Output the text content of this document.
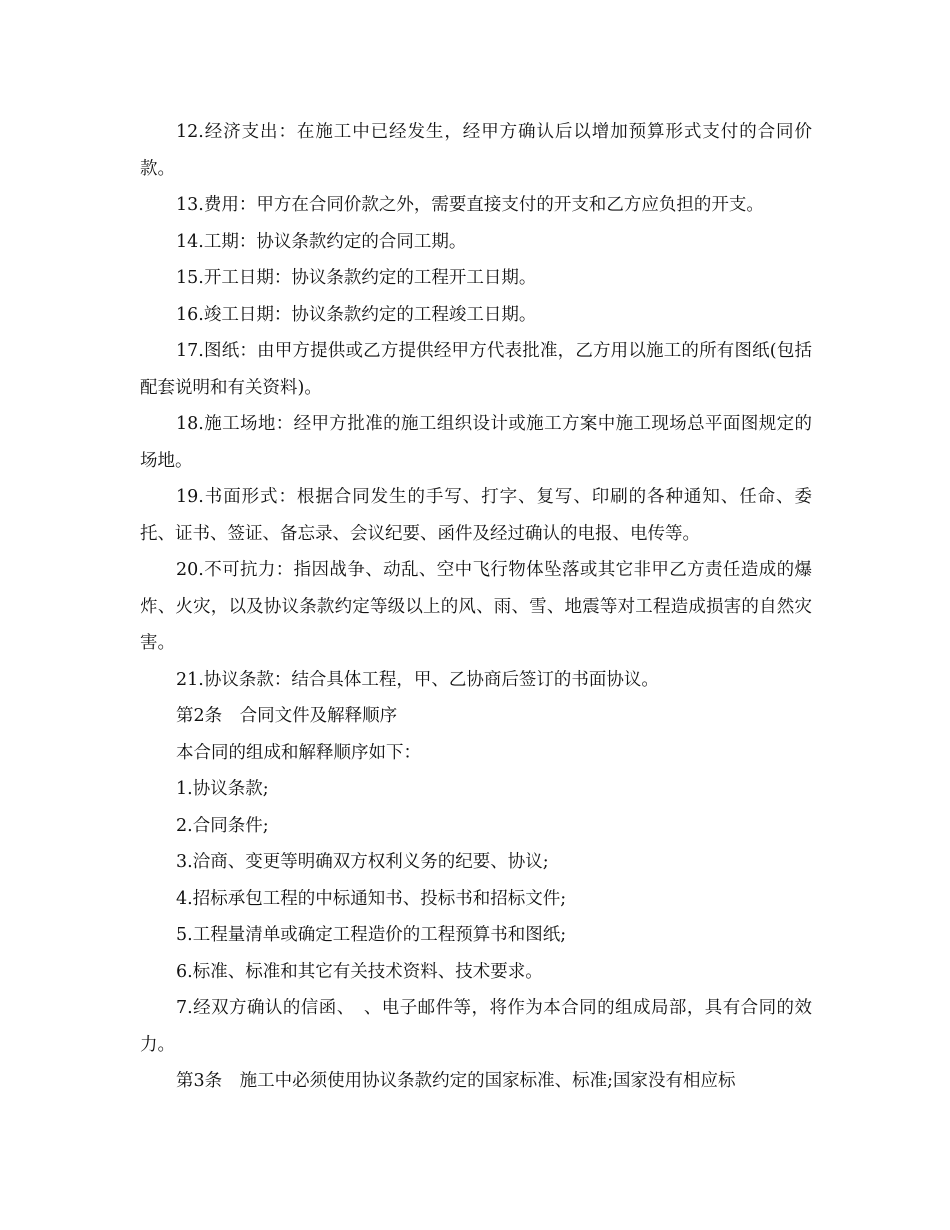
12.经济支出：在施工中已经发生，经甲方确认后以增加预算形式支付的合同价款。

13.费用：甲方在合同价款之外，需要直接支付的开支和乙方应负担的开支。

14.工期：协议条款约定的合同工期。

15.开工日期：协议条款约定的工程开工日期。

16.竣工日期：协议条款约定的工程竣工日期。

17.图纸：由甲方提供或乙方提供经甲方代表批准，乙方用以施工的所有图纸(包括配套说明和有关资料)。

18.施工场地：经甲方批准的施工组织设计或施工方案中施工现场总平面图规定的场地。

19.书面形式：根据合同发生的手写、打字、复写、印刷的各种通知、任命、委托、证书、签证、备忘录、会议纪要、函件及经过确认的电报、电传等。

20.不可抗力：指因战争、动乱、空中飞行物体坠落或其它非甲乙方责任造成的爆炸、火灾，以及协议条款约定等级以上的风、雨、雪、地震等对工程造成损害的自然灾害。

21.协议条款：结合具体工程，甲、乙协商后签订的书面协议。

第2条　合同文件及解释顺序

本合同的组成和解释顺序如下：

1.协议条款;

2.合同条件;

3.洽商、变更等明确双方权利义务的纪要、协议;

4.招标承包工程的中标通知书、投标书和招标文件;

5.工程量清单或确定工程造价的工程预算书和图纸;

6.标准、标准和其它有关技术资料、技术要求。

7.经双方确认的信函、　、电子邮件等，将作为本合同的组成局部，具有合同的效力。

第3条　施工中必须使用协议条款约定的国家标准、标准;国家没有相应标
